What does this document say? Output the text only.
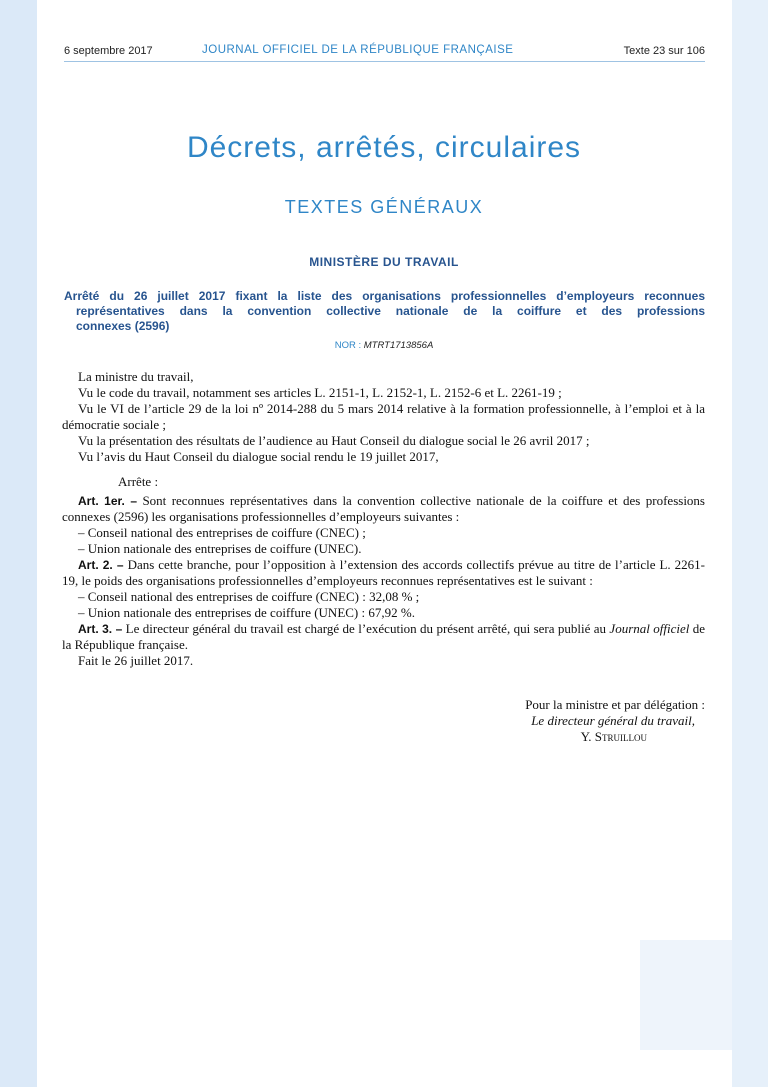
6 septembre 2017	JOURNAL OFFICIEL DE LA RÉPUBLIQUE FRANÇAISE	Texte 23 sur 106
Décrets, arrêtés, circulaires
TEXTES GÉNÉRAUX
MINISTÈRE DU TRAVAIL
Arrêté du 26 juillet 2017 fixant la liste des organisations professionnelles d’employeurs reconnues
représentatives dans la convention collective nationale de la coiffure et des professions
connexes (2596)
NOR : MTRT1713856A

La ministre du travail,

Vu le code du travail, notamment ses articles L. 2151-1, L. 2152-1, L. 2152-6 et L. 2261-19 ;

Vu le VI de l’article 29 de la loi nº 2014-288 du 5 mars 2014 relative à la formation professionnelle, à l’emploi et à la démocratie sociale ;

Vu la présentation des résultats de l’audience au Haut Conseil du dialogue social le 26 avril 2017 ;

Vu l’avis du Haut Conseil du dialogue social rendu le 19 juillet 2017,

Arrête :

Art. 1er. – Sont reconnues représentatives dans la convention collective nationale de la coiffure et des professions connexes (2596) les organisations professionnelles d’employeurs suivantes :

– Conseil national des entreprises de coiffure (CNEC) ;

– Union nationale des entreprises de coiffure (UNEC).

Art. 2. – Dans cette branche, pour l’opposition à l’extension des accords collectifs prévue au titre de l’article L. 2261-19, le poids des organisations professionnelles d’employeurs reconnues représentatives est le suivant :

– Conseil national des entreprises de coiffure (CNEC) : 32,08 % ;

– Union nationale des entreprises de coiffure (UNEC) : 67,92 %.

Art. 3. – Le directeur général du travail est chargé de l’exécution du présent arrêté, qui sera publié au Journal officiel de la République française.

Fait le 26 juillet 2017.

Pour la ministre et par délégation :
Le directeur général du travail,
Y. Struillou
